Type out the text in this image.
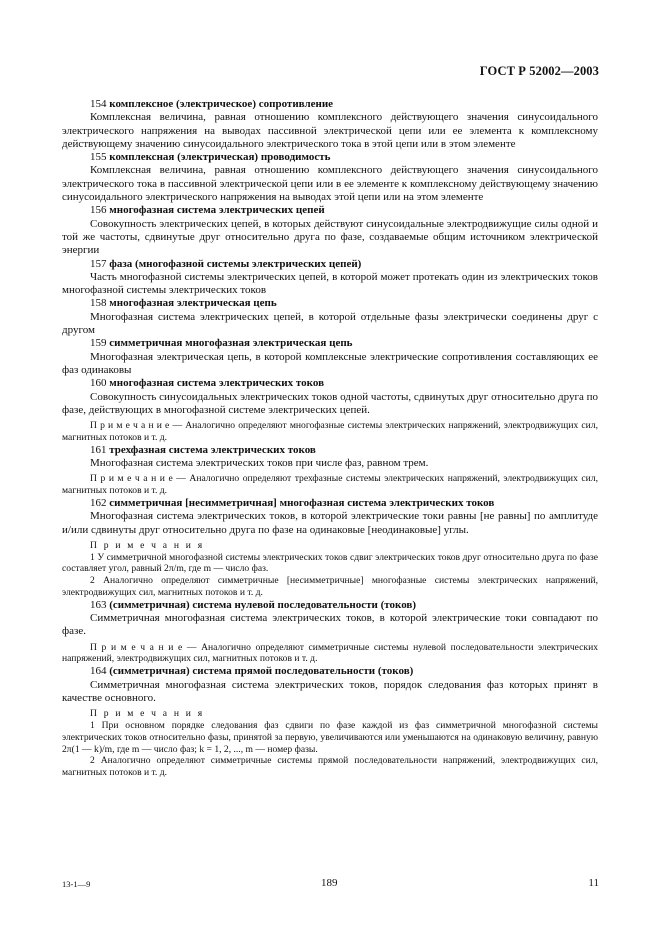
ГОСТ Р 52002—2003

154 комплексное (электрическое) сопротивление

Комплексная величина, равная отношению комплексного действующего значения синусоидального электрического напряжения на выводах пассивной электрической цепи или ее элемента к комплексному действующему значению синусоидального электрического тока в этой цепи или в этом элементе

155 комплексная (электрическая) проводимость

Комплексная величина, равная отношению комплексного действующего значения синусоидального электрического тока в пассивной электрической цепи или в ее элементе к комплексному действующему значению синусоидального электрического напряжения на выводах этой цепи или на этом элементе

156 многофазная система электрических цепей

Совокупность электрических цепей, в которых действуют синусоидальные электродвижущие силы одной и той же частоты, сдвинутые друг относительно друга по фазе, создаваемые общим источником электрической энергии

157 фаза (многофазной системы электрических цепей)

Часть многофазной системы электрических цепей, в которой может протекать один из электрических токов многофазной системы электрических токов

158 многофазная электрическая цепь

Многофазная система электрических цепей, в которой отдельные фазы электрически соединены друг с другом

159 симметричная многофазная электрическая цепь

Многофазная электрическая цепь, в которой комплексные электрические сопротивления составляющих ее фаз одинаковы

160 многофазная система электрических токов

Совокупность синусоидальных электрических токов одной частоты, сдвинутых друг относительно друга по фазе, действующих в многофазной системе электрических цепей.

П р и м е ч а н и е — Аналогично определяют многофазные системы электрических напряжений, электродвижущих сил, магнитных потоков и т. д.

161 трехфазная система электрических токов

Многофазная система электрических токов при числе фаз, равном трем.

П р и м е ч а н и е — Аналогично определяют трехфазные системы электрических напряжений, электродвижущих сил, магнитных потоков и т. д.

162 симметричная [несимметричная] многофазная система электрических токов

Многофазная система электрических токов, в которой электрические токи равны [не равны] по амплитуде и/или сдвинуты друг относительно друга по фазе на одинаковые [неодинаковые] углы.

П р и м е ч а н и я

1 У симметричной многофазной системы электрических токов сдвиг электрических токов друг относительно друга по фазе составляет угол, равный 2π/m, где m — число фаз.

2 Аналогично определяют симметричные [несимметричные] многофазные системы электрических напряжений, электродвижущих сил, магнитных потоков и т. д.

163 (симметричная) система нулевой последовательности (токов)

Симметричная многофазная система электрических токов, в которой электрические токи совпадают по фазе.

П р и м е ч а н и е — Аналогично определяют симметричные системы нулевой последовательности электрических напряжений, электродвижущих сил, магнитных потоков и т. д.

164 (симметричная) система прямой последовательности (токов)

Симметричная многофазная система электрических токов, порядок следования фаз которых принят в качестве основного.

П р и м е ч а н и я

1 При основном порядке следования фаз сдвиги по фазе каждой из фаз симметричной многофазной системы электрических токов относительно фазы, принятой за первую, увеличиваются или уменьшаются на одинаковую величину, равную 2π(1 — k)/m, где m — число фаз; k = 1, 2, ..., m — номер фазы.

2 Аналогично определяют симметричные системы прямой последовательности напряжений, электродвижущих сил, магнитных потоков и т. д.

13-1—9	189	11
